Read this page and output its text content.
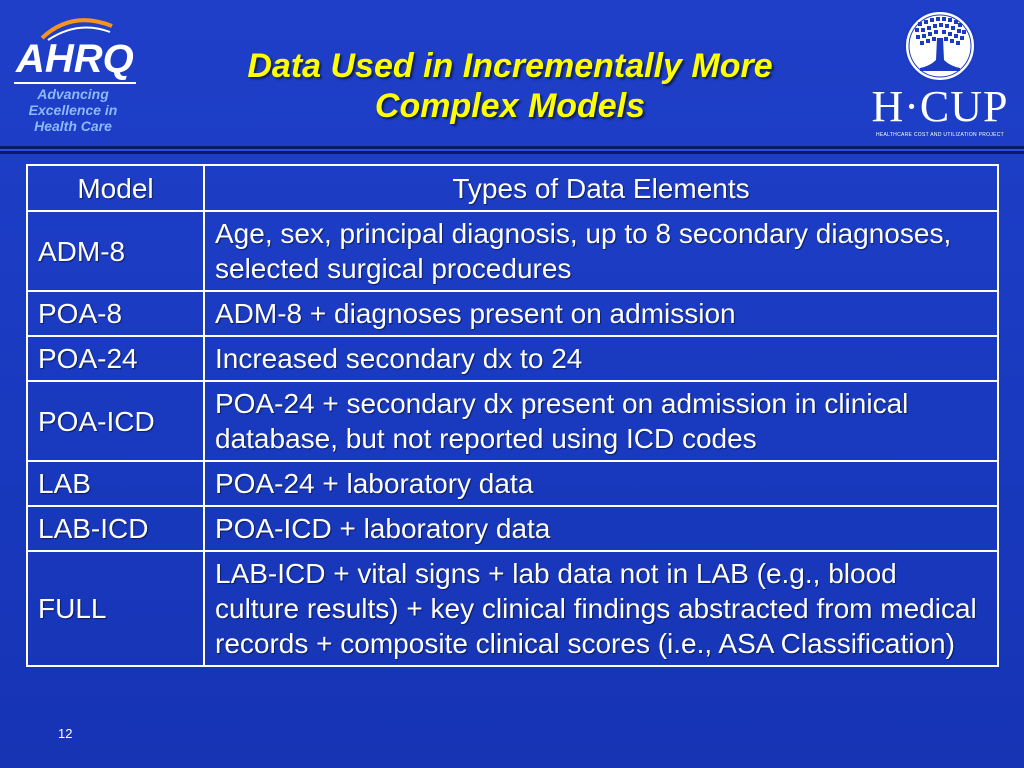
AHRQ
Advancing
Excellence in
Health Care
Data Used in Incrementally More
Complex Models	H·CUP
HEALTHCARE COST AND UTILIZATION PROJECT
Model	Types of Data Elements
ADM-8	Age, sex, principal diagnosis, up to 8 secondary diagnoses, selected surgical procedures
POA-8	ADM-8 + diagnoses present on admission
POA-24	Increased secondary dx to 24
POA-ICD	POA-24 + secondary dx present on admission in clinical database, but not reported using ICD codes
LAB	POA-24 + laboratory data
LAB-ICD	POA-ICD + laboratory data
FULL	LAB-ICD + vital signs + lab data not in LAB (e.g., blood culture results) + key clinical findings abstracted from medical records + composite clinical scores (i.e., ASA Classification)
12
